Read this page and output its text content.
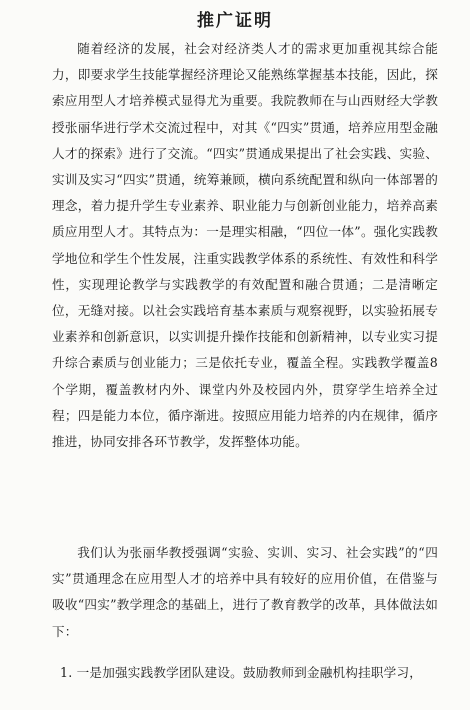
推广证明

随着经济的发展，社会对经济类人才的需求更加重视其综合能力，即要求学生技能掌握经济理论又能熟练掌握基本技能，因此，探索应用型人才培养模式显得尤为重要。我院教师在与山西财经大学教授张丽华进行学术交流过程中，对其《“四实”贯通，培养应用型金融人才的探索》进行了交流。“四实”贯通成果提出了社会实践、实验、实训及实习“四实”贯通，统筹兼顾，横向系统配置和纵向一体部署的理念，着力提升学生专业素养、职业能力与创新创业能力，培养高素质应用型人才。其特点为：一是理实相融，“四位一体”。强化实践教学地位和学生个性发展，注重实践教学体系的系统性、有效性和科学性，实现理论教学与实践教学的有效配置和融合贯通；二是清晰定位，无缝对接。以社会实践培育基本素质与观察视野，以实验拓展专业素养和创新意识，以实训提升操作技能和创新精神，以专业实习提升综合素质与创业能力；三是依托专业，覆盖全程。实践教学覆盖8个学期，覆盖教材内外、课堂内外及校园内外，贯穿学生培养全过程；四是能力本位，循序渐进。按照应用能力培养的内在规律，循序推进，协同安排各环节教学，发挥整体功能。

我们认为张丽华教授强调“实验、实训、实习、社会实践”的“四实”贯通理念在应用型人才的培养中具有较好的应用价值，在借鉴与吸收“四实”教学理念的基础上，进行了教育教学的改革，具体做法如下：

1. 一是加强实践教学团队建设。鼓励教师到金融机构挂职学习，
